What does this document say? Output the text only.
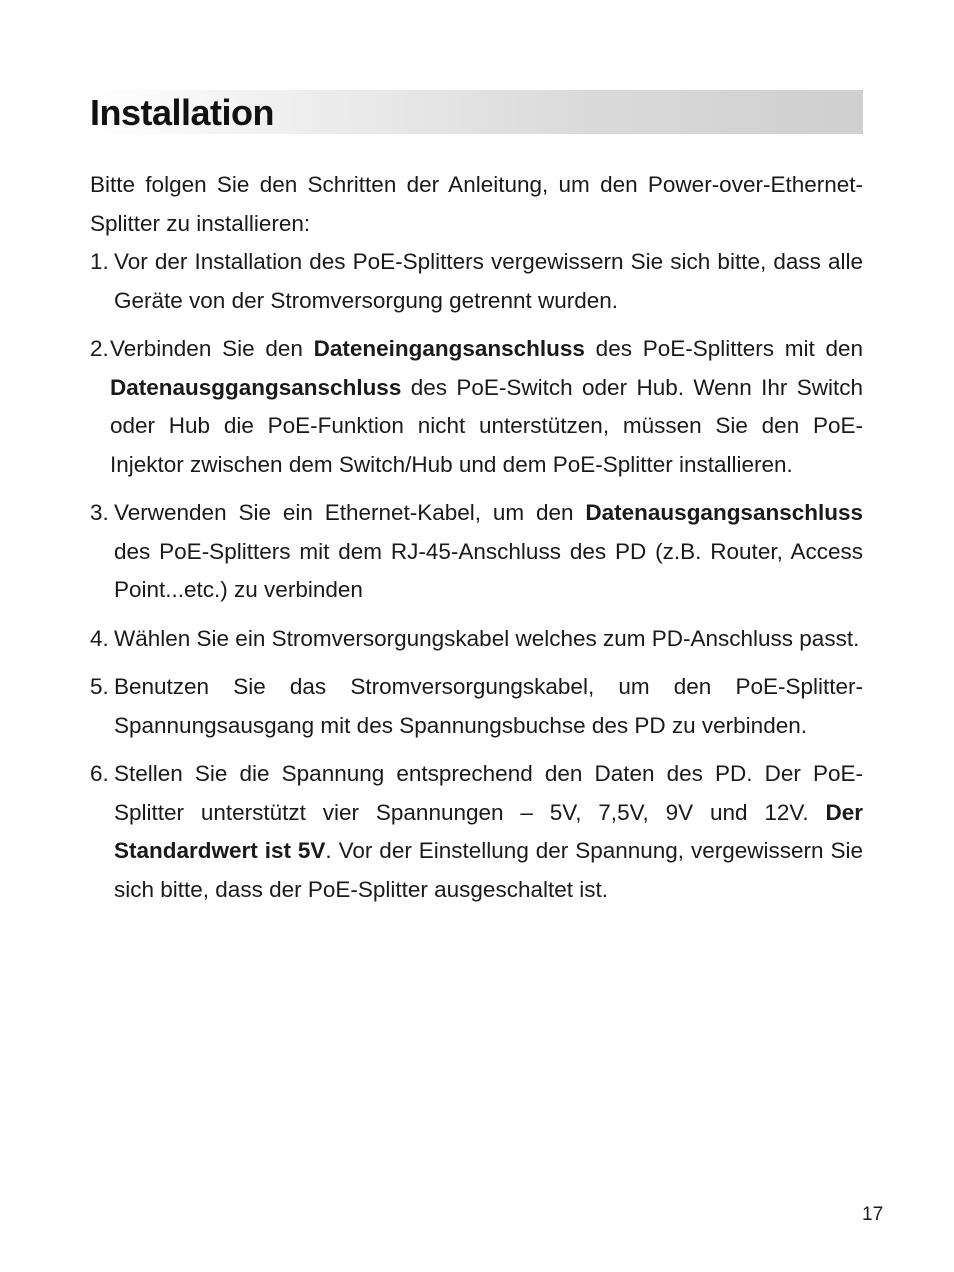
Installation

Bitte folgen Sie den Schritten der Anleitung, um den Power-over-Ethernet-Splitter zu installieren:

1. Vor der Installation des PoE-Splitters vergewissern Sie sich bitte, dass alle Geräte von der Stromversorgung getrennt wurden.
2. Verbinden Sie den Dateneingangsanschluss des PoE-Splitters mit den Datenausggangsanschluss des PoE-Switch oder Hub. Wenn Ihr Switch oder Hub die PoE-Funktion nicht unterstützen, müssen Sie den PoE-Injektor zwischen dem Switch/Hub und dem PoE-Splitter installieren.
3. Verwenden Sie ein Ethernet-Kabel, um den Datenausgangsanschluss des PoE-Splitters mit dem RJ-45-Anschluss des PD (z.B. Router, Access Point...etc.) zu verbinden
4. Wählen Sie ein Stromversorgungskabel welches zum PD-Anschluss passt.
5. Benutzen Sie das Stromversorgungskabel, um den PoE-Splitter-Spannungsausgang mit des Spannungsbuchse des PD zu verbinden.
6. Stellen Sie die Spannung entsprechend den Daten des PD. Der PoE-Splitter unterstützt vier Spannungen – 5V, 7,5V, 9V und 12V. Der Standardwert ist 5V. Vor der Einstellung der Spannung, vergewissern Sie sich bitte, dass der PoE-Splitter ausgeschaltet ist.
17
